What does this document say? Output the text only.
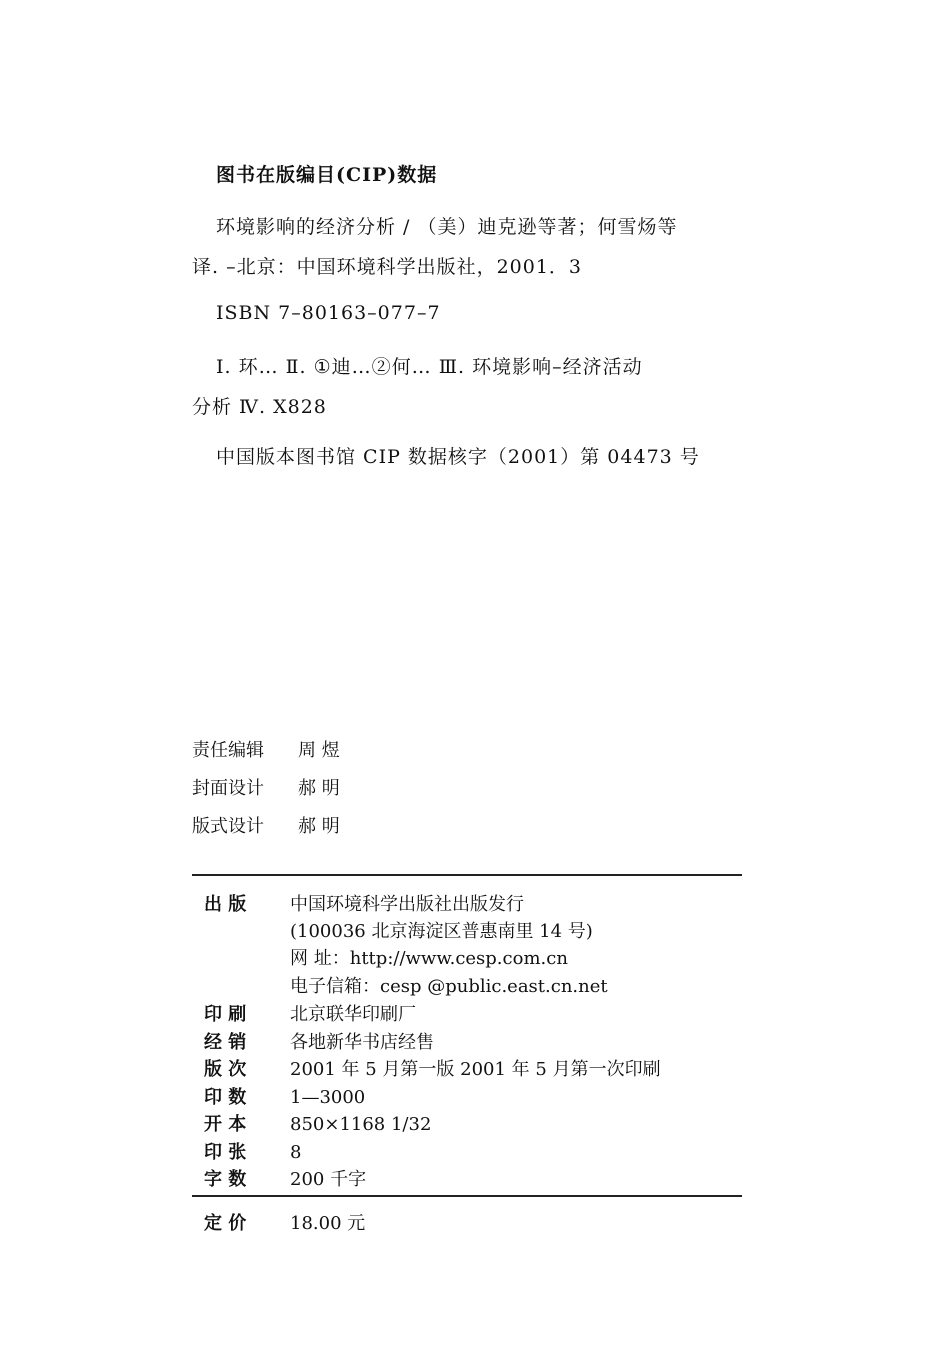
图书在版编目(CIP)数据
环境影响的经济分析 / （美）迪克逊等著；何雪炀等
译. –北京：中国环境科学出版社，2001．3
ISBN 7–80163–077–7
Ⅰ. 环… Ⅱ. ①迪…②何… Ⅲ. 环境影响–经济活动
分析 Ⅳ. X828
中国版本图书馆 CIP 数据核字（2001）第 04473 号
责任编辑 周 煜
封面设计 郝 明
版式设计 郝 明
出 版 中国环境科学出版社出版发行
(100036 北京海淀区普惠南里 14 号)
网 址：http://www.cesp.com.cn
电子信箱：cesp @public.east.cn.net
印 刷 北京联华印刷厂
经 销 各地新华书店经售
版 次 2001 年 5 月第一版 2001 年 5 月第一次印刷
印 数 1—3000
开 本 850×1168 1/32
印 张 8
字 数 200 千字
定 价 18.00 元
